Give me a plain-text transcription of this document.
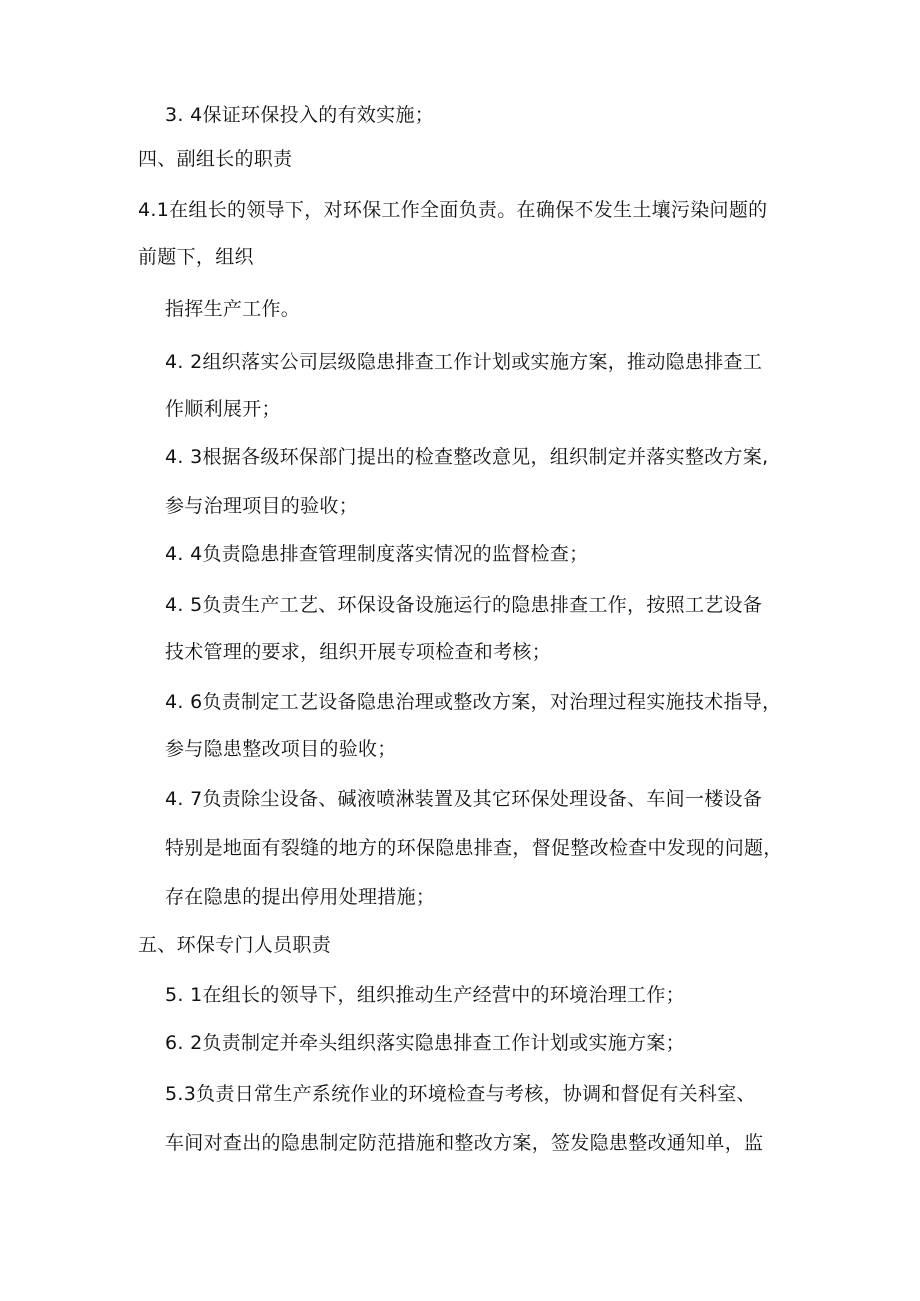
3. 4保证环保投入的有效实施；
四、副组长的职责
4.1在组长的领导下，对环保工作全面负责。在确保不发生土壤污染问题的
前题下，组织
指挥生产工作。
4. 2组织落实公司层级隐患排查工作计划或实施方案，推动隐患排查工
作顺利展开；
4. 3根据各级环保部门提出的检查整改意见，组织制定并落实整改方案,
参与治理项目的验收；
4. 4负责隐患排查管理制度落实情况的监督检查；
4. 5负责生产工艺、环保设备设施运行的隐患排查工作，按照工艺设备
技术管理的要求，组织开展专项检查和考核；
4. 6负责制定工艺设备隐患治理或整改方案，对治理过程实施技术指导，
参与隐患整改项目的验收；
4. 7负责除尘设备、碱液喷淋装置及其它环保处理设备、车间一楼设备
特别是地面有裂缝的地方的环保隐患排查，督促整改检查中发现的问题，
存在隐患的提出停用处理措施；
五、环保专门人员职责
5. 1在组长的领导下，组织推动生产经营中的环境治理工作；
6. 2负责制定并牵头组织落实隐患排查工作计划或实施方案；
5.3负责日常生产系统作业的环境检查与考核，协调和督促有关科室、
车间对查出的隐患制定防范措施和整改方案，签发隐患整改通知单，监
